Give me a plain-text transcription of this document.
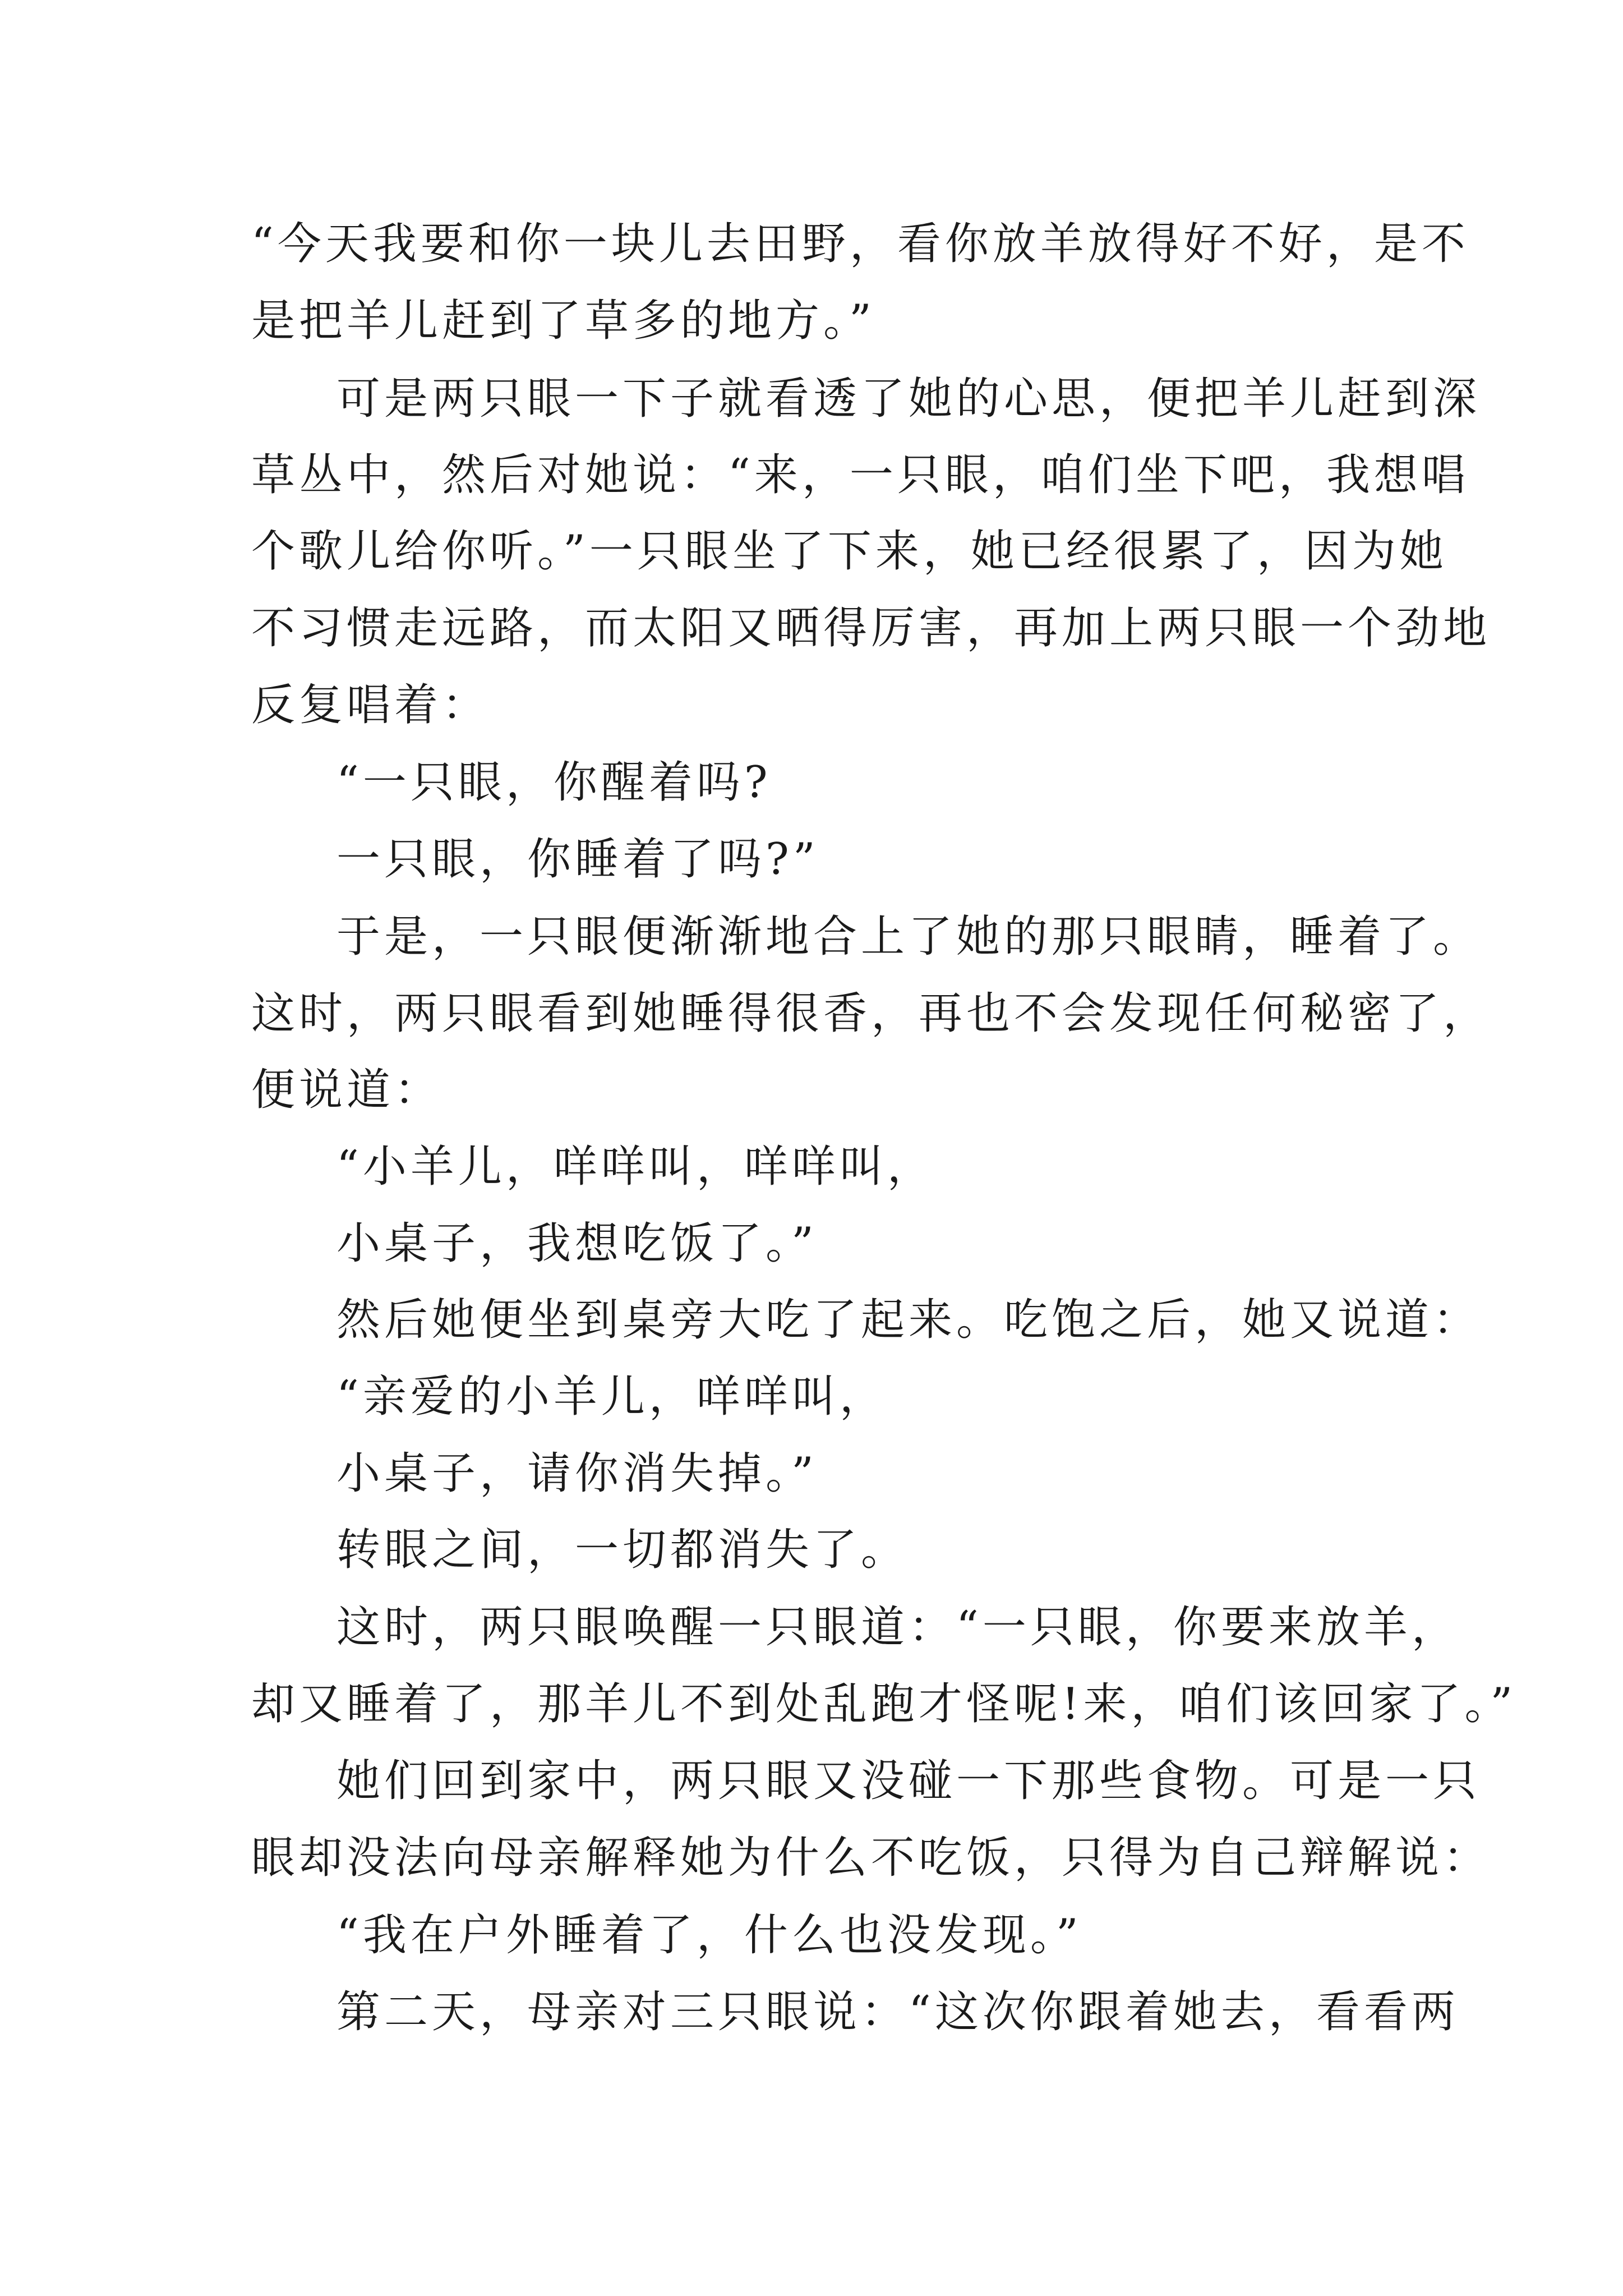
“今天我要和你一块儿去田野，看你放羊放得好不好，是不
是把羊儿赶到了草多的地方。”
可是两只眼一下子就看透了她的心思，便把羊儿赶到深
草丛中，然后对她说：“来，一只眼，咱们坐下吧，我想唱
个歌儿给你听。”一只眼坐了下来，她已经很累了，因为她
不习惯走远路，而太阳又晒得厉害，再加上两只眼一个劲地
反复唱着：
“一只眼，你醒着吗?
一只眼，你睡着了吗?”
于是，一只眼便渐渐地合上了她的那只眼睛，睡着了。
这时，两只眼看到她睡得很香，再也不会发现任何秘密了，
便说道：
“小羊儿，咩咩叫，咩咩叫，
小桌子，我想吃饭了。”
然后她便坐到桌旁大吃了起来。吃饱之后，她又说道：
“亲爱的小羊儿，咩咩叫，
小桌子，请你消失掉。”
转眼之间，一切都消失了。
这时，两只眼唤醒一只眼道：“一只眼，你要来放羊，
却又睡着了，那羊儿不到处乱跑才怪呢!来，咱们该回家了。”
她们回到家中，两只眼又没碰一下那些食物。可是一只
眼却没法向母亲解释她为什么不吃饭，只得为自己辩解说：
“我在户外睡着了，什么也没发现。”
第二天，母亲对三只眼说：“这次你跟着她去，看看两
